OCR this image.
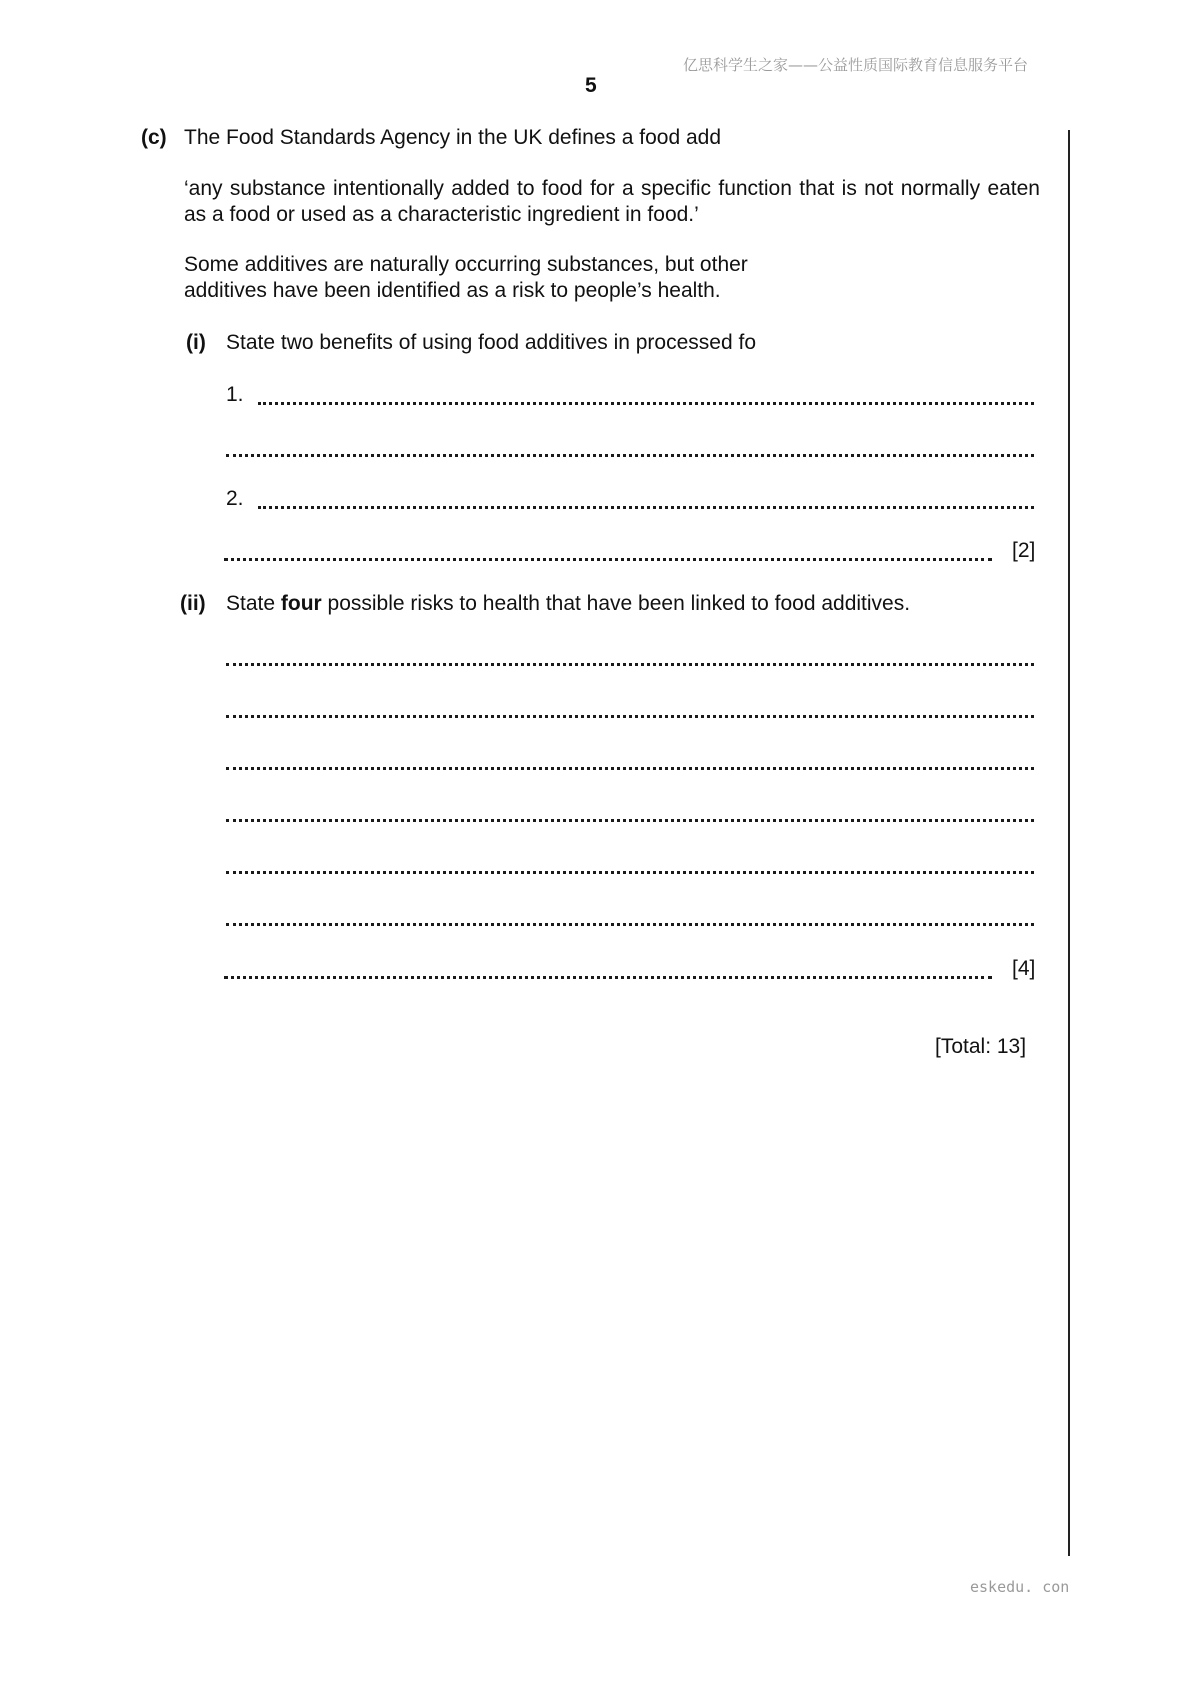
亿思科学生之家——公益性质国际教育信息服务平台
5
(c) The Food Standards Agency in the UK defines a food add
‘any substance intentionally added to food for a specific function that is not normally eaten as a food or used as a characteristic ingredient in food.’
Some additives are naturally occurring substances, but other
additives have been identified as a risk to people’s health.
(i) State two benefits of using food additives in processed fo
1.
2.
[2]
(ii) State four possible risks to health that have been linked to food additives.
[4]
[Total: 13]
eskedu. con
